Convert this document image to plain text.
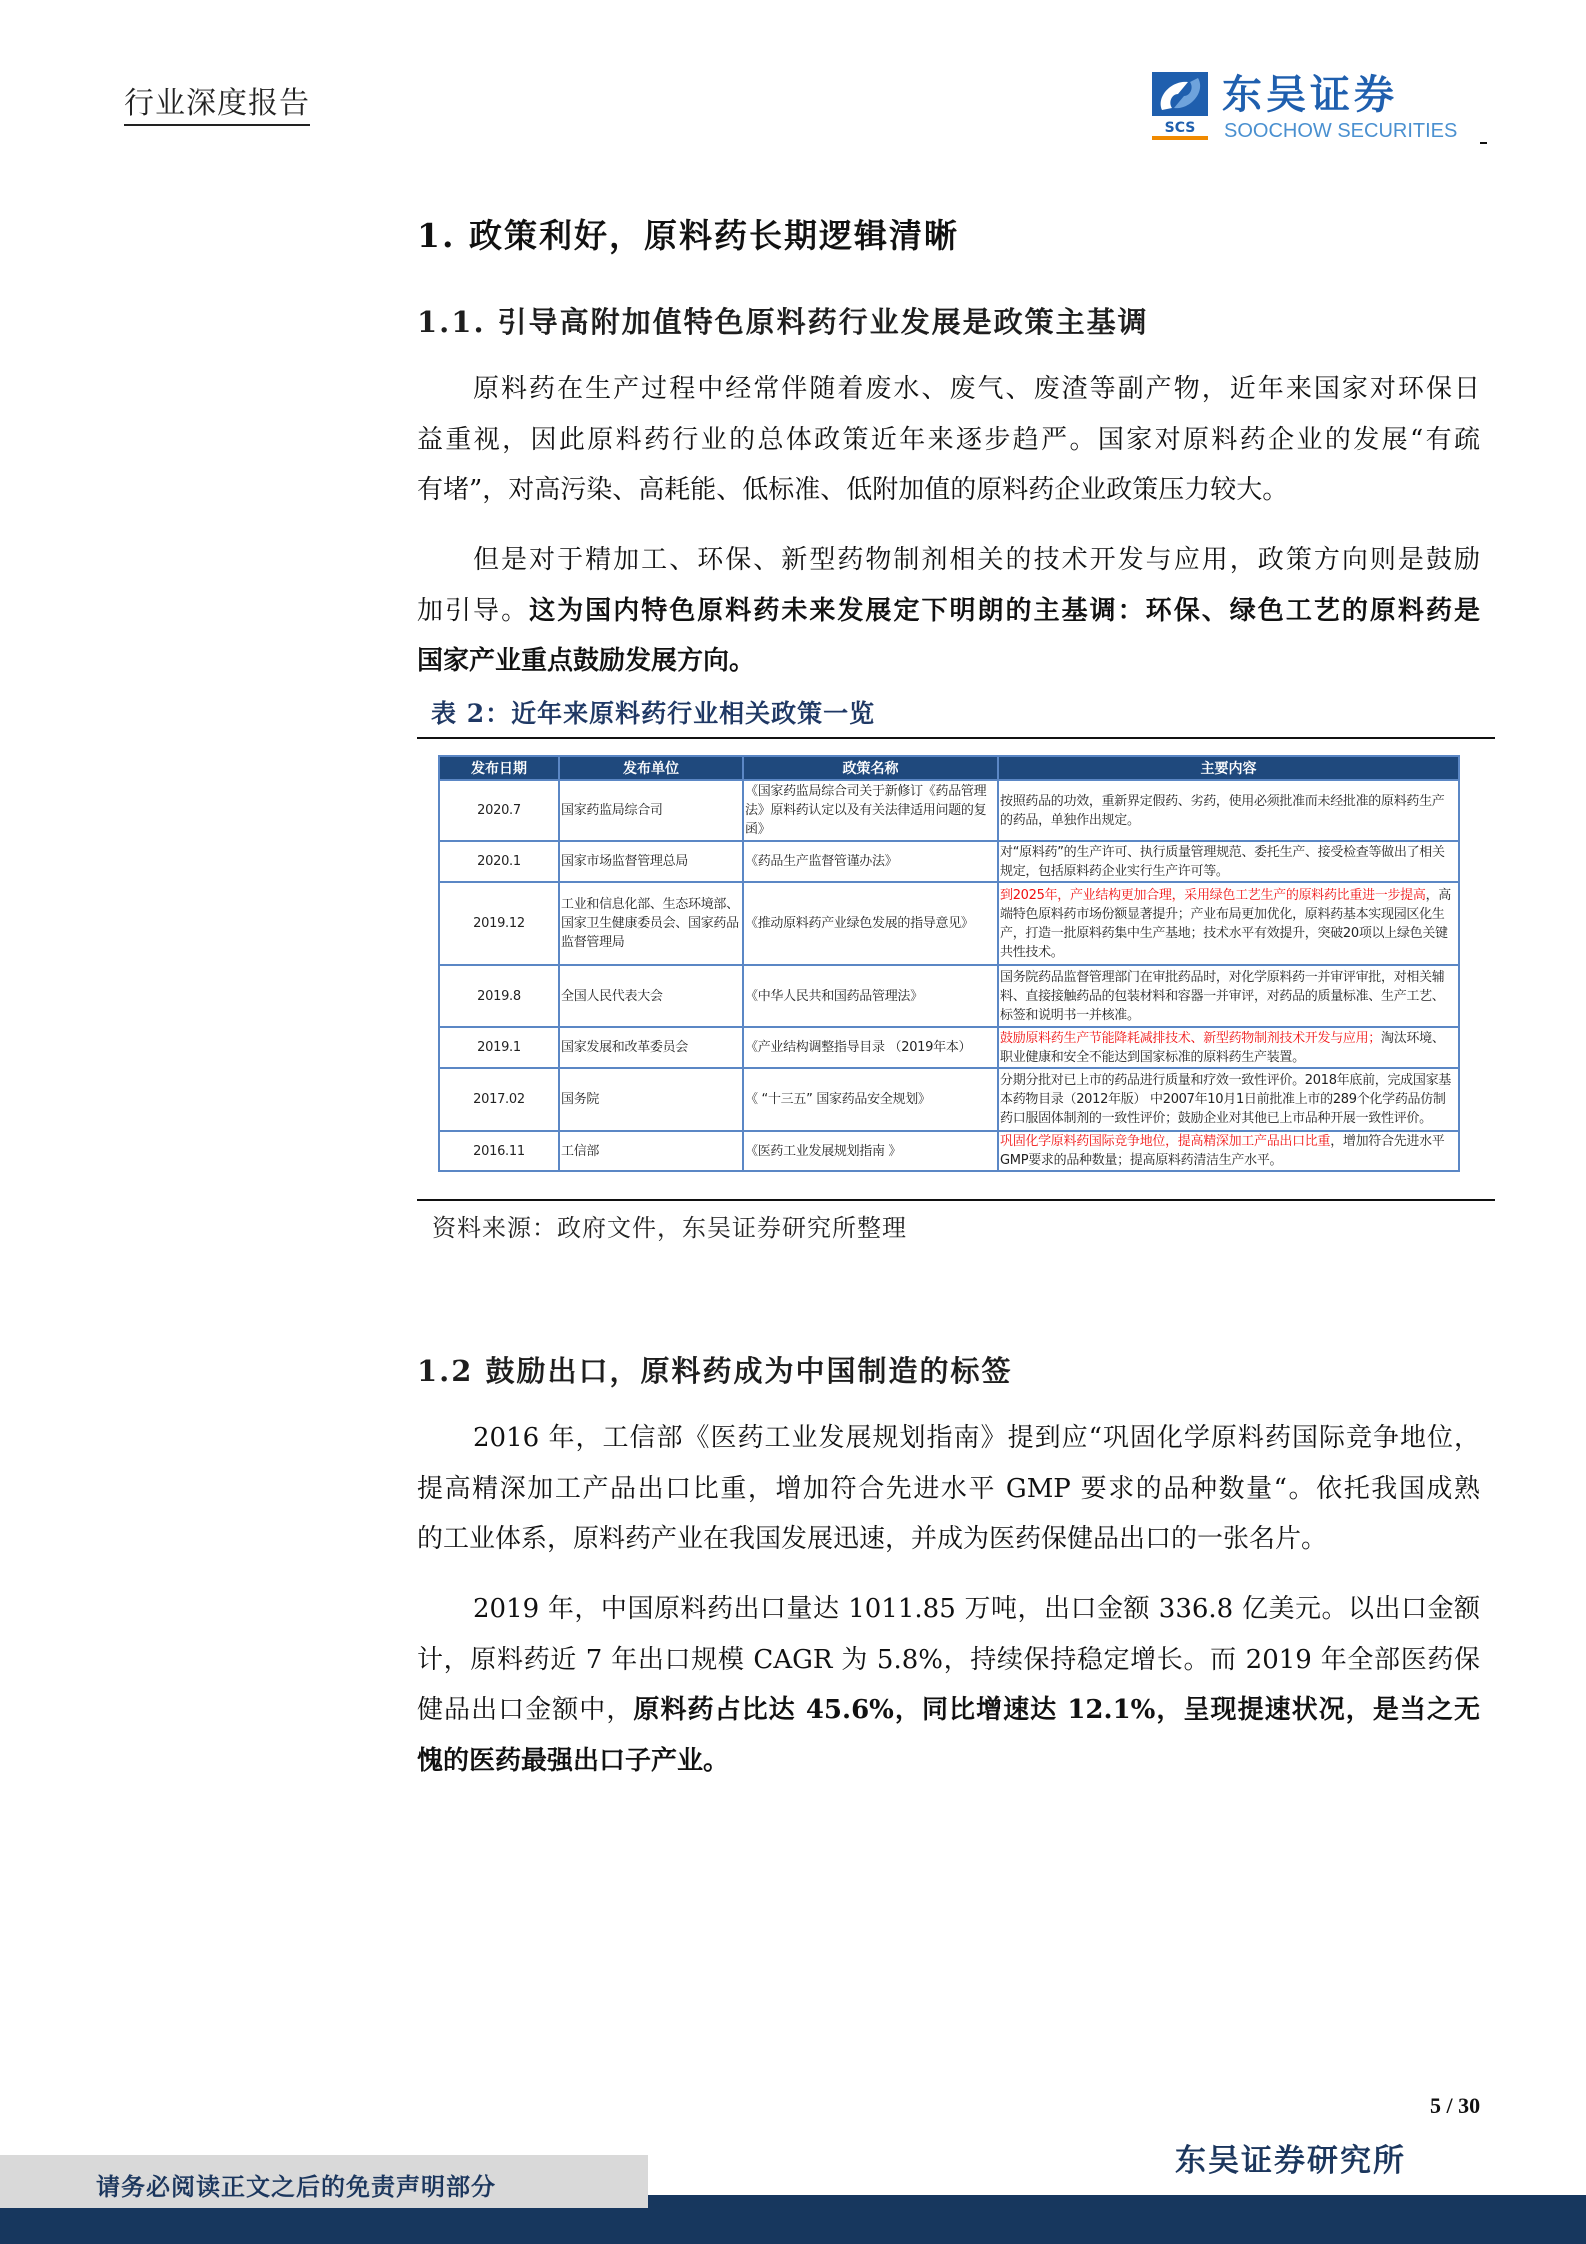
行业深度报告
SCS
东吴证券
SOOCHOW SECURITIES
1. 政策利好，原料药长期逻辑清晰
1.1. 引导高附加值特色原料药行业发展是政策主基调
原料药在生产过程中经常伴随着废水、废气、废渣等副产物，近年来国家对环保日
益重视，因此原料药行业的总体政策近年来逐步趋严。国家对原料药企业的发展“有疏
有堵”，对高污染、高耗能、低标准、低附加值的原料药企业政策压力较大。
但是对于精加工、环保、新型药物制剂相关的技术开发与应用，政策方向则是鼓励
加引导。这为国内特色原料药未来发展定下明朗的主基调：环保、绿色工艺的原料药是
国家产业重点鼓励发展方向。
表 2：近年来原料药行业相关政策一览
发布日期	发布单位	政策名称	主要内容
2020.7	国家药监局综合司	《国家药监局综合司关于新修订《药品管理法》原料药认定以及有关法律适用问题的复函》	按照药品的功效，重新界定假药、劣药，使用必须批准而未经批准的原料药生产的药品，单独作出规定。
2020.1	国家市场监督管理总局	《药品生产监督管谨办法》	对“原料药”的生产许可、执行质量管理规范、委托生产、接受检查等做出了相关规定，包括原料药企业实行生产许可等。
2019.12	工业和信息化部、生态环境部、国家卫生健康委员会、国家药品监督管理局	《推动原料药产业绿色发展的指导意见》	到2025年，产业结构更加合理，采用绿色工艺生产的原料药比重进一步提高，高端特色原料药市场份额显著提升；产业布局更加优化，原料药基本实现园区化生产，打造一批原料药集中生产基地；技术水平有效提升，突破20项以上绿色关键共性技术。
2019.8	全国人民代表大会	《中华人民共和国药品管理法》	国务院药品监督管理部门在审批药品时，对化学原料药一并审评审批，对相关辅料、直接接触药品的包装材料和容器一并审评，对药品的质量标准、生产工艺、标签和说明书一并核准。
2019.1	国家发展和改革委员会	《产业结构调整指导目录 （2019年本）	鼓励原料药生产节能降耗减排技术、新型药物制剂技术开发与应用；淘汰环境、职业健康和安全不能达到国家标准的原料药生产装置。
2017.02	国务院	《 “十三五” 国家药品安全规划》	分期分批对已上市的药品进行质量和疗效一致性评价。2018年底前，完成国家基本药物目录（2012年版） 中2007年10月1日前批准上市的289个化学药品仿制药口服固体制剂的一致性评价；鼓励企业对其他已上市品种开展一致性评价。
2016.11	工信部	《医药工业发展规划指南 》	巩固化学原料药国际竞争地位，提高精深加工产品出口比重，增加符合先进水平GMP要求的品种数量；提高原料药清洁生产水平。
资料来源：政府文件，东吴证券研究所整理
1.2 鼓励出口，原料药成为中国制造的标签
2016 年，工信部《医药工业发展规划指南》提到应“巩固化学原料药国际竞争地位，
提高精深加工产品出口比重，增加符合先进水平 GMP 要求的品种数量“。依托我国成熟
的工业体系，原料药产业在我国发展迅速，并成为医药保健品出口的一张名片。
2019 年，中国原料药出口量达 1011.85 万吨，出口金额 336.8 亿美元。以出口金额
计，原料药近 7 年出口规模 CAGR 为 5.8%，持续保持稳定增长。而 2019 年全部医药保
健品出口金额中，原料药占比达 45.6%，同比增速达 12.1%，呈现提速状况，是当之无
愧的医药最强出口子产业。
5 / 30
东吴证券研究所
请务必阅读正文之后的免责声明部分
